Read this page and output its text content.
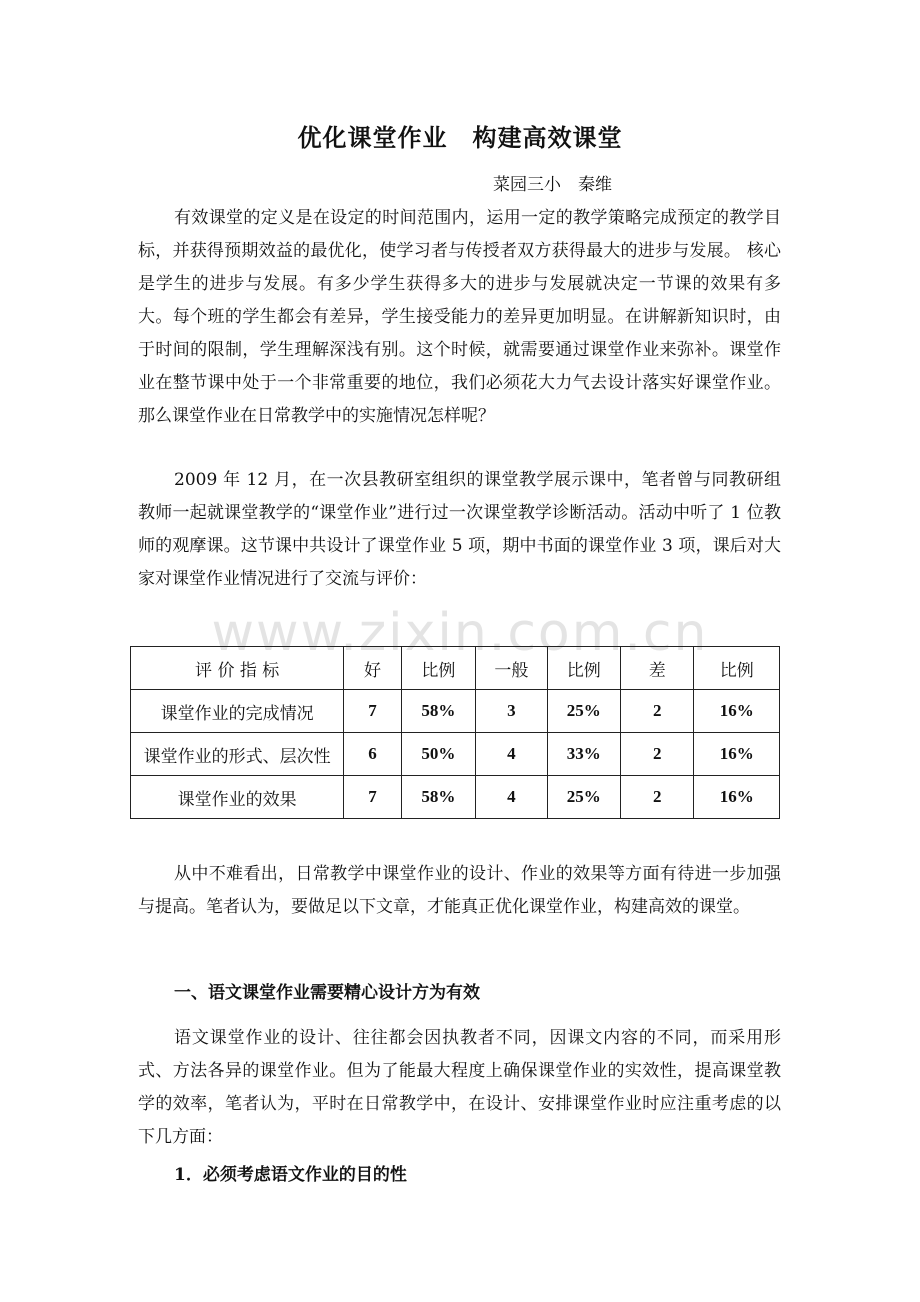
www.zixin.com.cn
优化课堂作业　构建高效课堂
菜园三小　秦维

有效课堂的定义是在设定的时间范围内，运用一定的教学策略完成预定的教学目标，并获得预期效益的最优化，使学习者与传授者双方获得最大的进步与发展。 核心是学生的进步与发展。有多少学生获得多大的进步与发展就决定一节课的效果有多大。每个班的学生都会有差异，学生接受能力的差异更加明显。在讲解新知识时，由于时间的限制，学生理解深浅有别。这个时候，就需要通过课堂作业来弥补。课堂作业在整节课中处于一个非常重要的地位，我们必须花大力气去设计落实好课堂作业。那么课堂作业在日常教学中的实施情况怎样呢？

2009 年 12 月，在一次县教研室组织的课堂教学展示课中，笔者曾与同教研组教师一起就课堂教学的“课堂作业”进行过一次课堂教学诊断活动。活动中听了 1 位教师的观摩课。这节课中共设计了课堂作业 5 项，期中书面的课堂作业 3 项，课后对大家对课堂作业情况进行了交流与评价：

评 价 指 标	好	比例	一般	比例	差	比例
课堂作业的完成情况	7	58%	3	25%	2	16%
课堂作业的形式、层次性	6	50%	4	33%	2	16%
课堂作业的效果	7	58%	4	25%	2	16%

从中不难看出，日常教学中课堂作业的设计、作业的效果等方面有待进一步加强与提高。笔者认为，要做足以下文章，才能真正优化课堂作业，构建高效的课堂。

一、语文课堂作业需要精心设计方为有效

语文课堂作业的设计、往往都会因执教者不同，因课文内容的不同，而采用形式、方法各异的课堂作业。但为了能最大程度上确保课堂作业的实效性，提高课堂教学的效率，笔者认为，平时在日常教学中，在设计、安排课堂作业时应注重考虑的以下几方面：

1．必须考虑语文作业的目的性
